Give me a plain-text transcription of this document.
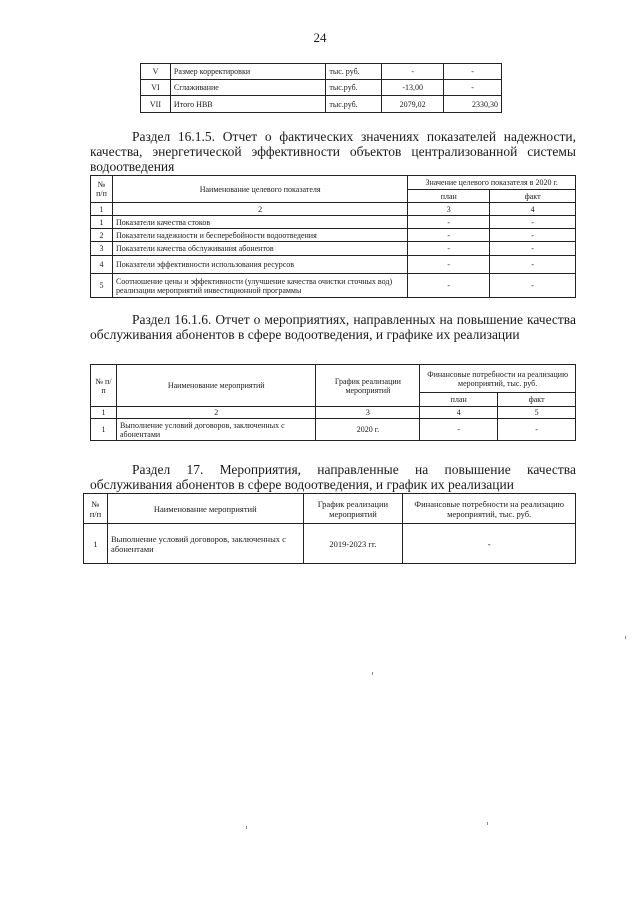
24
V	Размер корректировки	тыс. руб.	-	-
VI	Сглаживание	тыс.руб.	-13,00	-
VII	Итого НВВ	тыс.руб.	2079,02	2330,30
Раздел 16.1.5. Отчет о фактических значениях показателей надежности, качества, энергетической эффективности объектов централизованной системы водоотведения
№ п/п	Наименование целевого показателя	Значение целевого показателя в 2020 г.	
		план	факт
1	2	3	4
1	Показатели качества стоков	-	-
2	Показатели надежности и бесперебойности водоотведения	-	-
3	Показатели качества обслуживания абонентов	-	-
4	Показатели эффективности использования ресурсов	-	-
5	Соотношение цены и эффективности (улучшение качества очистки сточных вод) реализации мероприятий инвестиционной программы	-	-
Раздел 16.1.6. Отчет о мероприятиях, направленных на повышение качества обслуживания абонентов в сфере водоотведения, и графике их реализации
№ п/п	Наименование мероприятий	График реализации мероприятий	Финансовые потребности на реализацию мероприятий, тыс. руб.	
			план	факт
1	2	3	4	5
1	Выполнение условий договоров, заключенных с абонентами	2020 г.	-	-
Раздел 17. Мероприятия, направленные на повышение качества обслуживания абонентов в сфере водоотведения, и график их реализации
№ п/п	Наименование мероприятий	График реализации мероприятий	Финансовые потребности на реализацию мероприятий, тыс. руб.
1	Выполнение условий договоров, заключенных с абонентами	2019-2023 гг.	-
